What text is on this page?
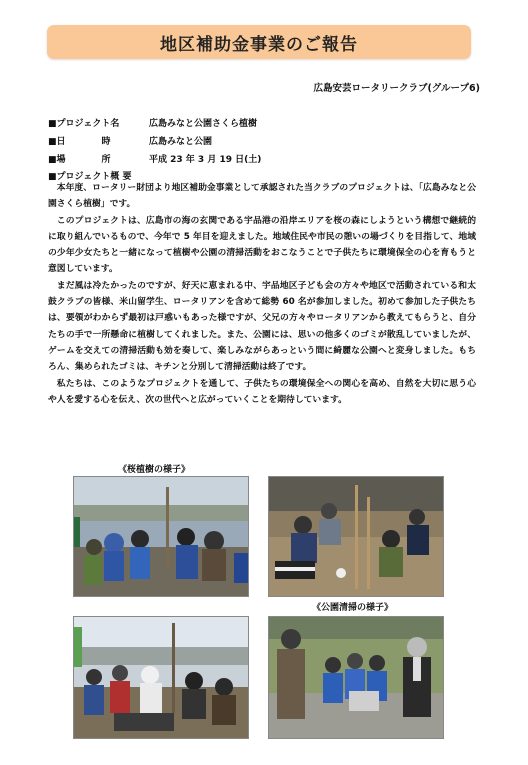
地区補助金事業のご報告
広島安芸ロータリークラブ(グループ6)
■プロジェクト名	広島みなと公園さくら植樹
■日　　　　時	広島みなと公園
■場　　　　所	平成 23 年 3 月 19 日(土)
■プロジェクト概 要

本年度、ロータリー財団より地区補助金事業として承認された当クラブのプロジェクトは、「広島みなと公園さくら植樹」です。

このプロジェクトは、広島市の海の玄関である宇品港の沿岸エリアを桜の森にしようという構想で継続的に取り組んでいるもので、今年で 5 年目を迎えました。地域住民や市民の憩いの場づくりを目指して、地域の少年少女たちと一緒になって植樹や公園の清掃活動をおこなうことで子供たちに環境保全の心を育もうと意図しています。

まだ風は冷たかったのですが、好天に恵まれる中、宇品地区子ども会の方々や地区で活動されている和太鼓クラブの皆様、米山留学生、ロータリアンを含めて総勢 60 名が参加しました。初めて参加した子供たちは、要領がわからず最初は戸惑いもあった様ですが、父兄の方々やロータリアンから教えてもらうと、自分たちの手で一所懸命に植樹してくれました。また、公園には、思いの他多くのゴミが散乱していましたが、ゲームを交えての清掃活動も効を奏して、楽しみながらあっという間に綺麗な公園へと変身しました。もちろん、集められたゴミは、キチンと分別して清掃活動は終了です。

私たちは、このようなプロジェクトを通して、子供たちの環境保全への関心を高め、自然を大切に思う心や人を愛する心を伝え、次の世代へと広がっていくことを期待しています。

《桜植樹の様子》
《公園清掃の様子》
